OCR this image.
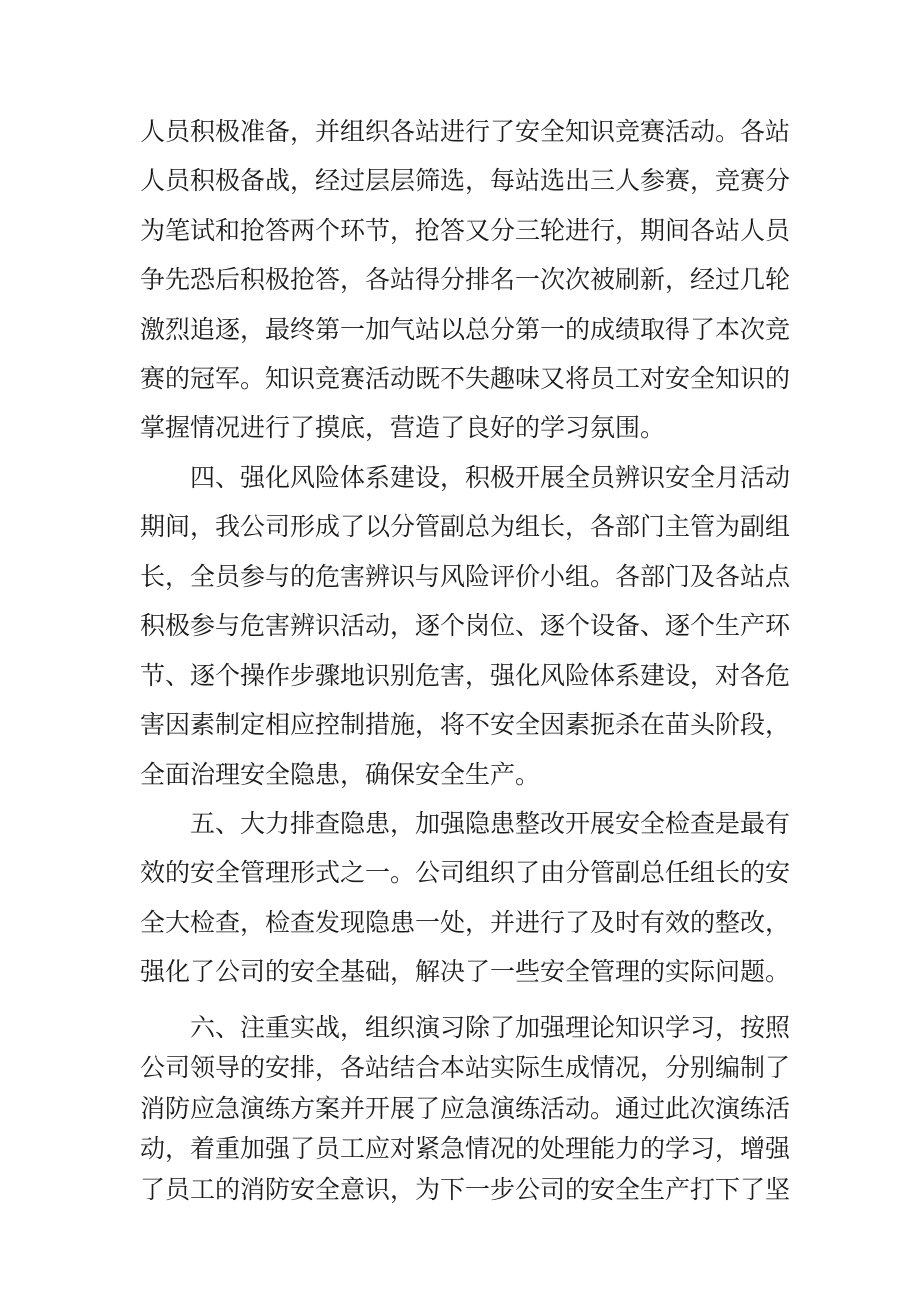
人员积极准备，并组织各站进行了安全知识竞赛活动。各站
人员积极备战，经过层层筛选，每站选出三人参赛，竞赛分
为笔试和抢答两个环节，抢答又分三轮进行，期间各站人员
争先恐后积极抢答，各站得分排名一次次被刷新，经过几轮
激烈追逐，最终第一加气站以总分第一的成绩取得了本次竞
赛的冠军。知识竞赛活动既不失趣味又将员工对安全知识的
掌握情况进行了摸底，营造了良好的学习氛围。
四、强化风险体系建设，积极开展全员辨识安全月活动
期间，我公司形成了以分管副总为组长，各部门主管为副组
长，全员参与的危害辨识与风险评价小组。各部门及各站点
积极参与危害辨识活动，逐个岗位、逐个设备、逐个生产环
节、逐个操作步骤地识别危害，强化风险体系建设，对各危
害因素制定相应控制措施，将不安全因素扼杀在苗头阶段，
全面治理安全隐患，确保安全生产。
五、大力排查隐患，加强隐患整改开展安全检查是最有
效的安全管理形式之一。公司组织了由分管副总任组长的安
全大检查，检查发现隐患一处，并进行了及时有效的整改，
强化了公司的安全基础，解决了一些安全管理的实际问题。
六、注重实战，组织演习除了加强理论知识学习，按照
公司领导的安排，各站结合本站实际生成情况，分别编制了
消防应急演练方案并开展了应急演练活动。通过此次演练活
动，着重加强了员工应对紧急情况的处理能力的学习，增强
了员工的消防安全意识，为下一步公司的安全生产打下了坚
